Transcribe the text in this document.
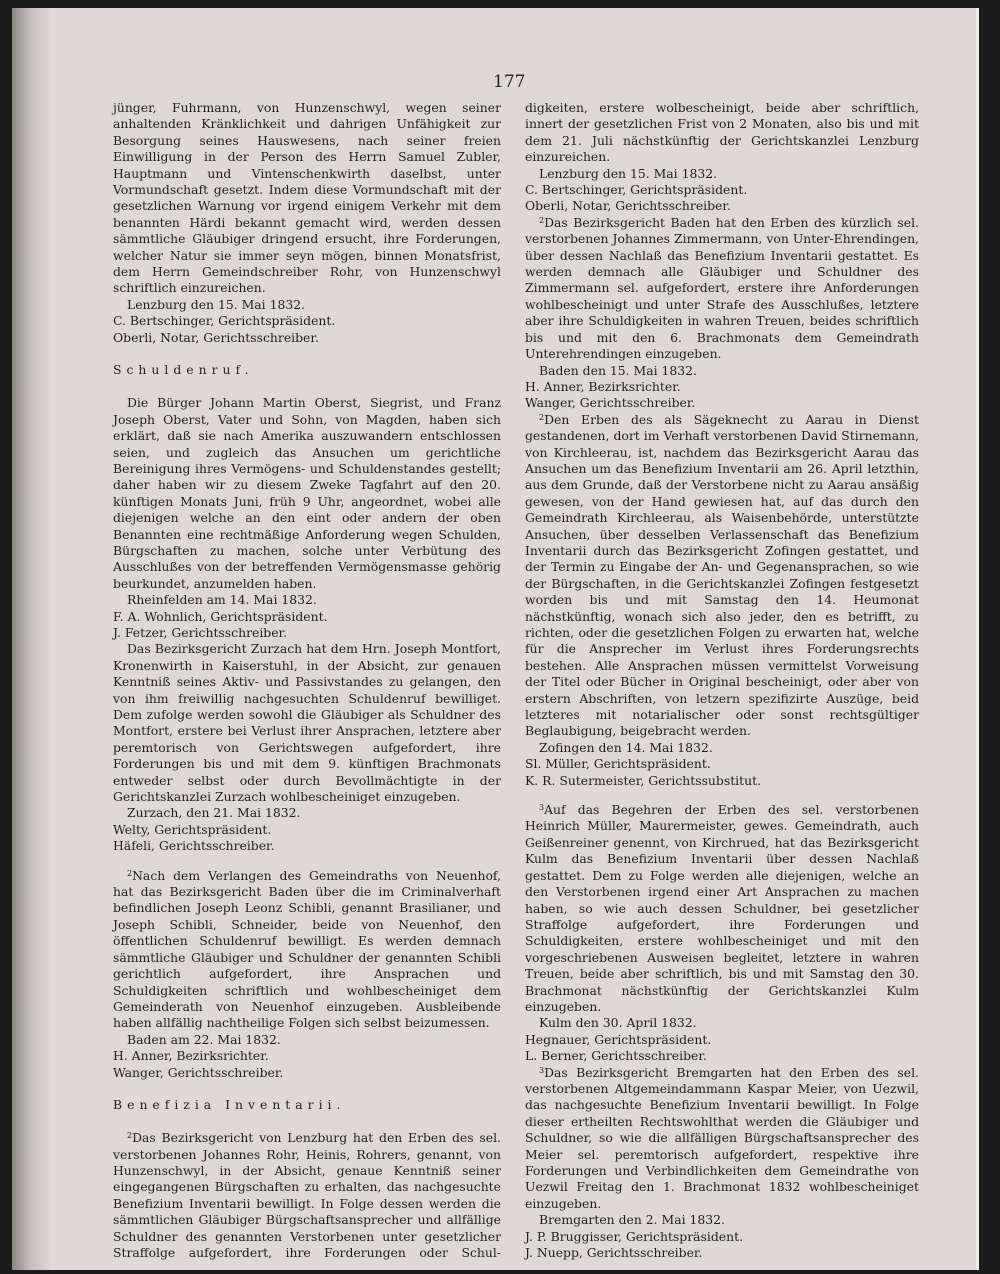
177

jünger, Fuhrmann, von Hunzenschwyl, wegen seiner anhaltenden Kränklichkeit und dahrigen Unfähigkeit zur Besorgung seines Hauswesens, nach seiner freien Einwilligung in der Person des Herrn Samuel Zubler, Hauptmann und Vintenschenkwirth daselbst, unter Vormundschaft gesetzt. Indem diese Vormundschaft mit der gesetzlichen Warnung vor irgend einigem Verkehr mit dem benannten Härdi bekannt gemacht wird, werden dessen sämmtliche Gläubiger dringend ersucht, ihre Forderungen, welcher Natur sie immer seyn mögen, binnen Monatsfrist, dem Herrn Gemeindschreiber Rohr, von Hunzenschwyl schriftlich einzureichen.

Lenzburg den 15. Mai 1832.

C. Bertschinger, Gerichtspräsident.

Oberli, Notar, Gerichtsschreiber.

Schuldenruf.

Die Bürger Johann Martin Oberst, Siegrist, und Franz Joseph Oberst, Vater und Sohn, von Magden, haben sich erklärt, daß sie nach Amerika auszuwandern entschlossen seien, und zugleich das Ansuchen um gerichtliche Bereinigung ihres Vermögens- und Schuldenstandes gestellt; daher haben wir zu diesem Zweke Tagfahrt auf den 20. künftigen Monats Juni, früh 9 Uhr, angeordnet, wobei alle diejenigen welche an den eint oder andern der oben Benannten eine rechtmäßige Anforderung wegen Schulden, Bürgschaften zu machen, solche unter Verbütung des Ausschlußes von der betreffenden Vermögensmasse gehörig beurkundet, anzumelden haben.

Rheinfelden am 14. Mai 1832.

F. A. Wohnlich, Gerichtspräsident.

J. Fetzer, Gerichtsschreiber.

Das Bezirksgericht Zurzach hat dem Hrn. Joseph Montfort, Kronenwirth in Kaiserstuhl, in der Absicht, zur genauen Kenntniß seines Aktiv- und Passivstandes zu gelangen, den von ihm freiwillig nachgesuchten Schuldenruf bewilliget. Dem zufolge werden sowohl die Gläubiger als Schuldner des Montfort, erstere bei Verlust ihrer Ansprachen, letztere aber peremtorisch von Gerichtswegen aufgefordert, ihre Forderungen bis und mit dem 9. künftigen Brachmonats entweder selbst oder durch Bevollmächtigte in der Gerichtskanzlei Zurzach wohlbescheiniget einzugeben.

Zurzach, den 21. Mai 1832.

Welty, Gerichtspräsident.

Häfeli, Gerichtsschreiber.

$^2$Nach dem Verlangen des Gemeindraths von Neuenhof, hat das Bezirksgericht Baden über die im Criminalverhaft befindlichen Joseph Leonz Schibli, genannt Brasilianer, und Joseph Schibli, Schneider, beide von Neuenhof, den öffentlichen Schuldenruf bewilligt. Es werden demnach sämmtliche Gläubiger und Schuldner der genannten Schibli gerichtlich aufgefordert, ihre Ansprachen und Schuldigkeiten schriftlich und wohlbescheiniget dem Gemeinderath von Neuenhof einzugeben. Ausbleibende haben allfällig nachtheilige Folgen sich selbst beizumessen.

Baden am 22. Mai 1832.

H. Anner, Bezirksrichter.

Wanger, Gerichtsschreiber.

Benefizia Inventarii.

$^2$Das Bezirksgericht von Lenzburg hat den Erben des sel. verstorbenen Johannes Rohr, Heinis, Rohrers, genannt, von Hunzenschwyl, in der Absicht, genaue Kenntniß seiner eingegangenen Bürgschaften zu erhalten, das nachgesuchte Benefizium Inventarii bewilligt. In Folge dessen werden die sämmtlichen Gläubiger Bürgschaftsansprecher und allfällige Schuldner des genannten Verstorbenen unter gesetzlicher Straffolge aufgefordert, ihre Forderungen oder Schul-

digkeiten, erstere wolbescheinigt, beide aber schriftlich, innert der gesetzlichen Frist von 2 Monaten, also bis und mit dem 21. Juli nächstkünftig der Gerichtskanzlei Lenzburg einzureichen.

Lenzburg den 15. Mai 1832.

C. Bertschinger, Gerichtspräsident.

Oberli, Notar, Gerichtsschreiber.

$^2$Das Bezirksgericht Baden hat den Erben des kürzlich sel. verstorbenen Johannes Zimmermann, von Unter-Ehrendingen, über dessen Nachlaß das Benefizium Inventarii gestattet. Es werden demnach alle Gläubiger und Schuldner des Zimmermann sel. aufgefordert, erstere ihre Anforderungen wohlbescheinigt und unter Strafe des Ausschlußes, letztere aber ihre Schuldigkeiten in wahren Treuen, beides schriftlich bis und mit den 6. Brachmonats dem Gemeindrath Unterehrendingen einzugeben.

Baden den 15. Mai 1832.

H. Anner, Bezirksrichter.

Wanger, Gerichtsschreiber.

$^2$Den Erben des als Sägeknecht zu Aarau in Dienst gestandenen, dort im Verhaft verstorbenen David Stirnemann, von Kirchleerau, ist, nachdem das Bezirksgericht Aarau das Ansuchen um das Benefizium Inventarii am 26. April letzthin, aus dem Grunde, daß der Verstorbene nicht zu Aarau ansäßig gewesen, von der Hand gewiesen hat, auf das durch den Gemeindrath Kirchleerau, als Waisenbehörde, unterstützte Ansuchen, über desselben Verlassenschaft das Benefizium Inventarii durch das Bezirksgericht Zofingen gestattet, und der Termin zu Eingabe der An- und Gegenansprachen, so wie der Bürgschaften, in die Gerichtskanzlei Zofingen festgesetzt worden bis und mit Samstag den 14. Heumonat nächstkünftig, wonach sich also jeder, den es betrifft, zu richten, oder die gesetzlichen Folgen zu erwarten hat, welche für die Ansprecher im Verlust ihres Forderungsrechts bestehen. Alle Ansprachen müssen vermittelst Vorweisung der Titel oder Bücher in Original bescheinigt, oder aber von erstern Abschriften, von letzern spezifizirte Auszüge, beid letzteres mit notarialischer oder sonst rechtsgültiger Beglaubigung, beigebracht werden.

Zofingen den 14. Mai 1832.

Sl. Müller, Gerichtspräsident.

K. R. Sutermeister, Gerichtssubstitut.

$^3$Auf das Begehren der Erben des sel. verstorbenen Heinrich Müller, Maurermeister, gewes. Gemeindrath, auch Geißenreiner genennt, von Kirchrued, hat das Bezirksgericht Kulm das Benefizium Inventarii über dessen Nachlaß gestattet. Dem zu Folge werden alle diejenigen, welche an den Verstorbenen irgend einer Art Ansprachen zu machen haben, so wie auch dessen Schuldner, bei gesetzlicher Straffolge aufgefordert, ihre Forderungen und Schuldigkeiten, erstere wohlbescheiniget und mit den vorgeschriebenen Ausweisen begleitet, letztere in wahren Treuen, beide aber schriftlich, bis und mit Samstag den 30. Brachmonat nächstkünftig der Gerichtskanzlei Kulm einzugeben.

Kulm den 30. April 1832.

Hegnauer, Gerichtspräsident.

L. Berner, Gerichtsschreiber.

$^3$Das Bezirksgericht Bremgarten hat den Erben des sel. verstorbenen Altgemeindammann Kaspar Meier, von Uezwil, das nachgesuchte Benefizium Inventarii bewilligt. In Folge dieser ertheilten Rechtswohlthat werden die Gläubiger und Schuldner, so wie die allfälligen Bürgschaftsansprecher des Meier sel. peremtorisch aufgefordert, respektive ihre Forderungen und Verbindlichkeiten dem Gemeindrathe von Uezwil Freitag den 1. Brachmonat 1832 wohlbescheiniget einzugeben.

Bremgarten den 2. Mai 1832.

J. P. Bruggisser, Gerichtspräsident.

J. Nuepp, Gerichtsschreiber.
